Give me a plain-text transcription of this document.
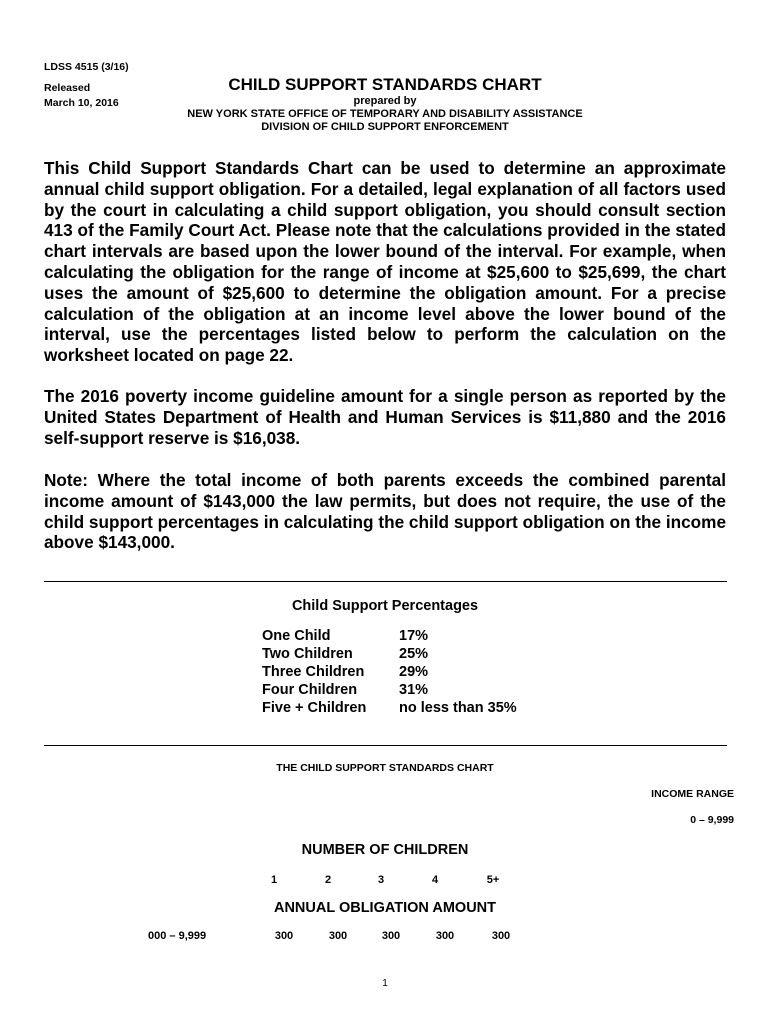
LDSS 4515 (3/16)
Released
March 10, 2016
CHILD SUPPORT STANDARDS CHART
prepared by
NEW YORK STATE OFFICE OF TEMPORARY AND DISABILITY ASSISTANCE
DIVISION OF CHILD SUPPORT ENFORCEMENT
This Child Support Standards Chart can be used to determine an approximate annual child support obligation. For a detailed, legal explanation of all factors used by the court in calculating a child support obligation, you should consult section 413 of the Family Court Act. Please note that the calculations provided in the stated chart intervals are based upon the lower bound of the interval. For example, when calculating the obligation for the range of income at $25,600 to $25,699, the chart uses the amount of $25,600 to determine the obligation amount. For a precise calculation of the obligation at an income level above the lower bound of the interval, use the percentages listed below to perform the calculation on the worksheet located on page 22.
The 2016 poverty income guideline amount for a single person as reported by the United States Department of Health and Human Services is $11,880 and the 2016 self-support reserve is $16,038.
Note: Where the total income of both parents exceeds the combined parental income amount of $143,000 the law permits, but does not require, the use of the child support percentages in calculating the child support obligation on the income above $143,000.
Child Support Percentages
One Child	17%
Two Children	25%
Three Children 29%
Four Children	31%
Five + Children no less than 35%
THE CHILD SUPPORT STANDARDS CHART
INCOME RANGE
0 – 9,999
NUMBER OF CHILDREN
1	2	3	4	5+
ANNUAL OBLIGATION AMOUNT
000 – 9,999	300	300	300	300	300
1
